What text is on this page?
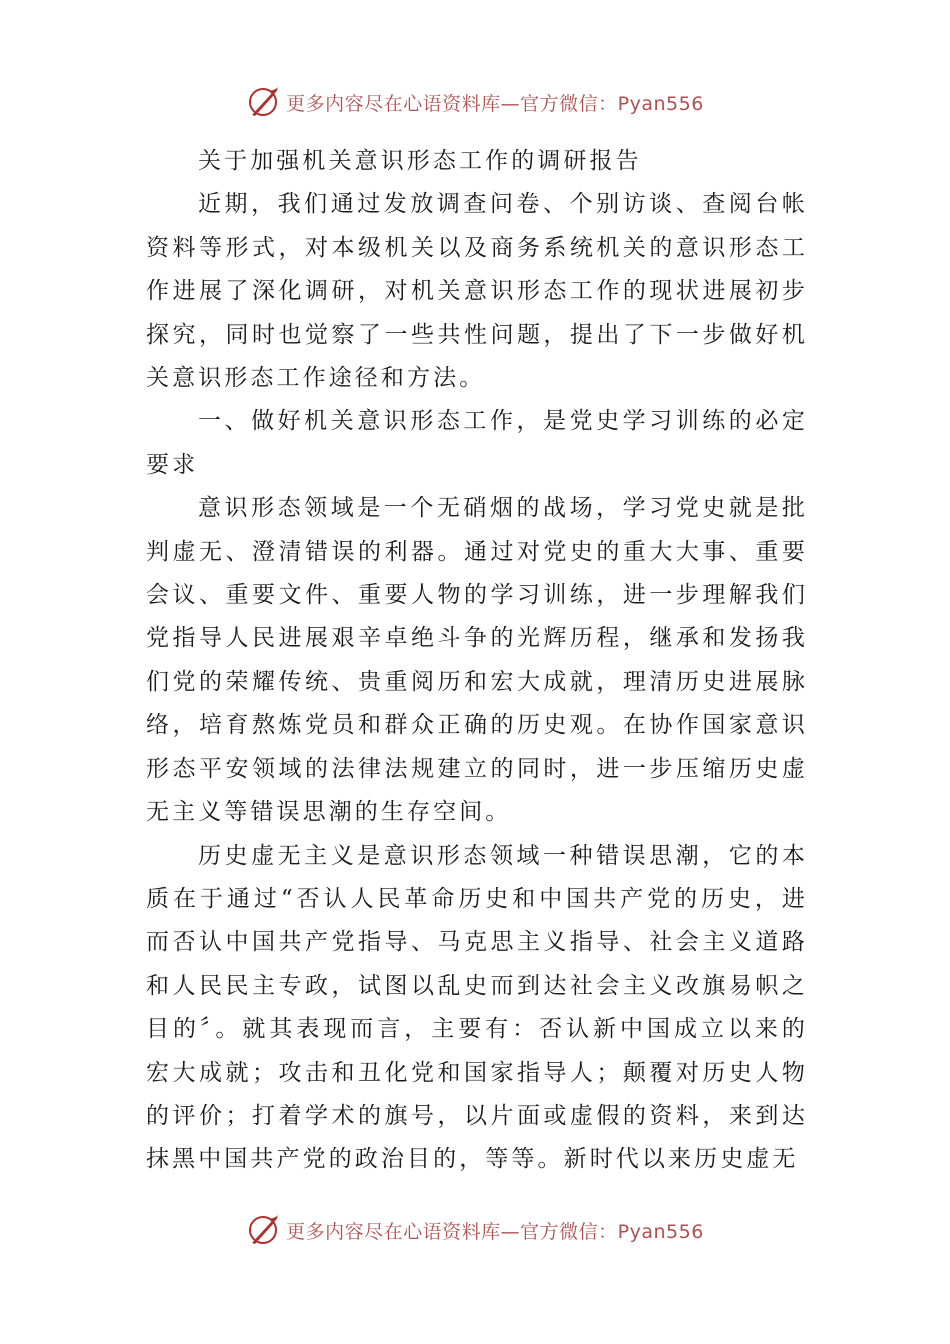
更多内容尽在心语资料库—官方微信：Pyan556

关于加强机关意识形态工作的调研报告

近期，我们通过发放调查问卷、个别访谈、查阅台帐资料等形式，对本级机关以及商务系统机关的意识形态工作进展了深化调研，对机关意识形态工作的现状进展初步探究，同时也觉察了一些共性问题，提出了下一步做好机关意识形态工作途径和方法。

一、做好机关意识形态工作，是党史学习训练的必定要求

意识形态领域是一个无硝烟的战场，学习党史就是批判虚无、澄清错误的利器。通过对党史的重大大事、重要会议、重要文件、重要人物的学习训练，进一步理解我们党指导人民进展艰辛卓绝斗争的光辉历程，继承和发扬我们党的荣耀传统、贵重阅历和宏大成就，理清历史进展脉络，培育熬炼党员和群众正确的历史观。在协作国家意识形态平安领域的法律法规建立的同时，进一步压缩历史虚无主义等错误思潮的生存空间。

历史虚无主义是意识形态领域一种错误思潮，它的本质在于通过“否认人民革命历史和中国共产党的历史，进而否认中国共产党指导、马克思主义指导、社会主义道路和人民民主专政，试图以乱史而到达社会主义改旗易帜之目的〞。就其表现而言，主要有：否认新中国成立以来的宏大成就；攻击和丑化党和国家指导人；颠覆对历史人物的评价；打着学术的旗号，以片面或虚假的资料，来到达抹黑中国共产党的政治目的，等等。新时代以来历史虚无

更多内容尽在心语资料库—官方微信：Pyan556
